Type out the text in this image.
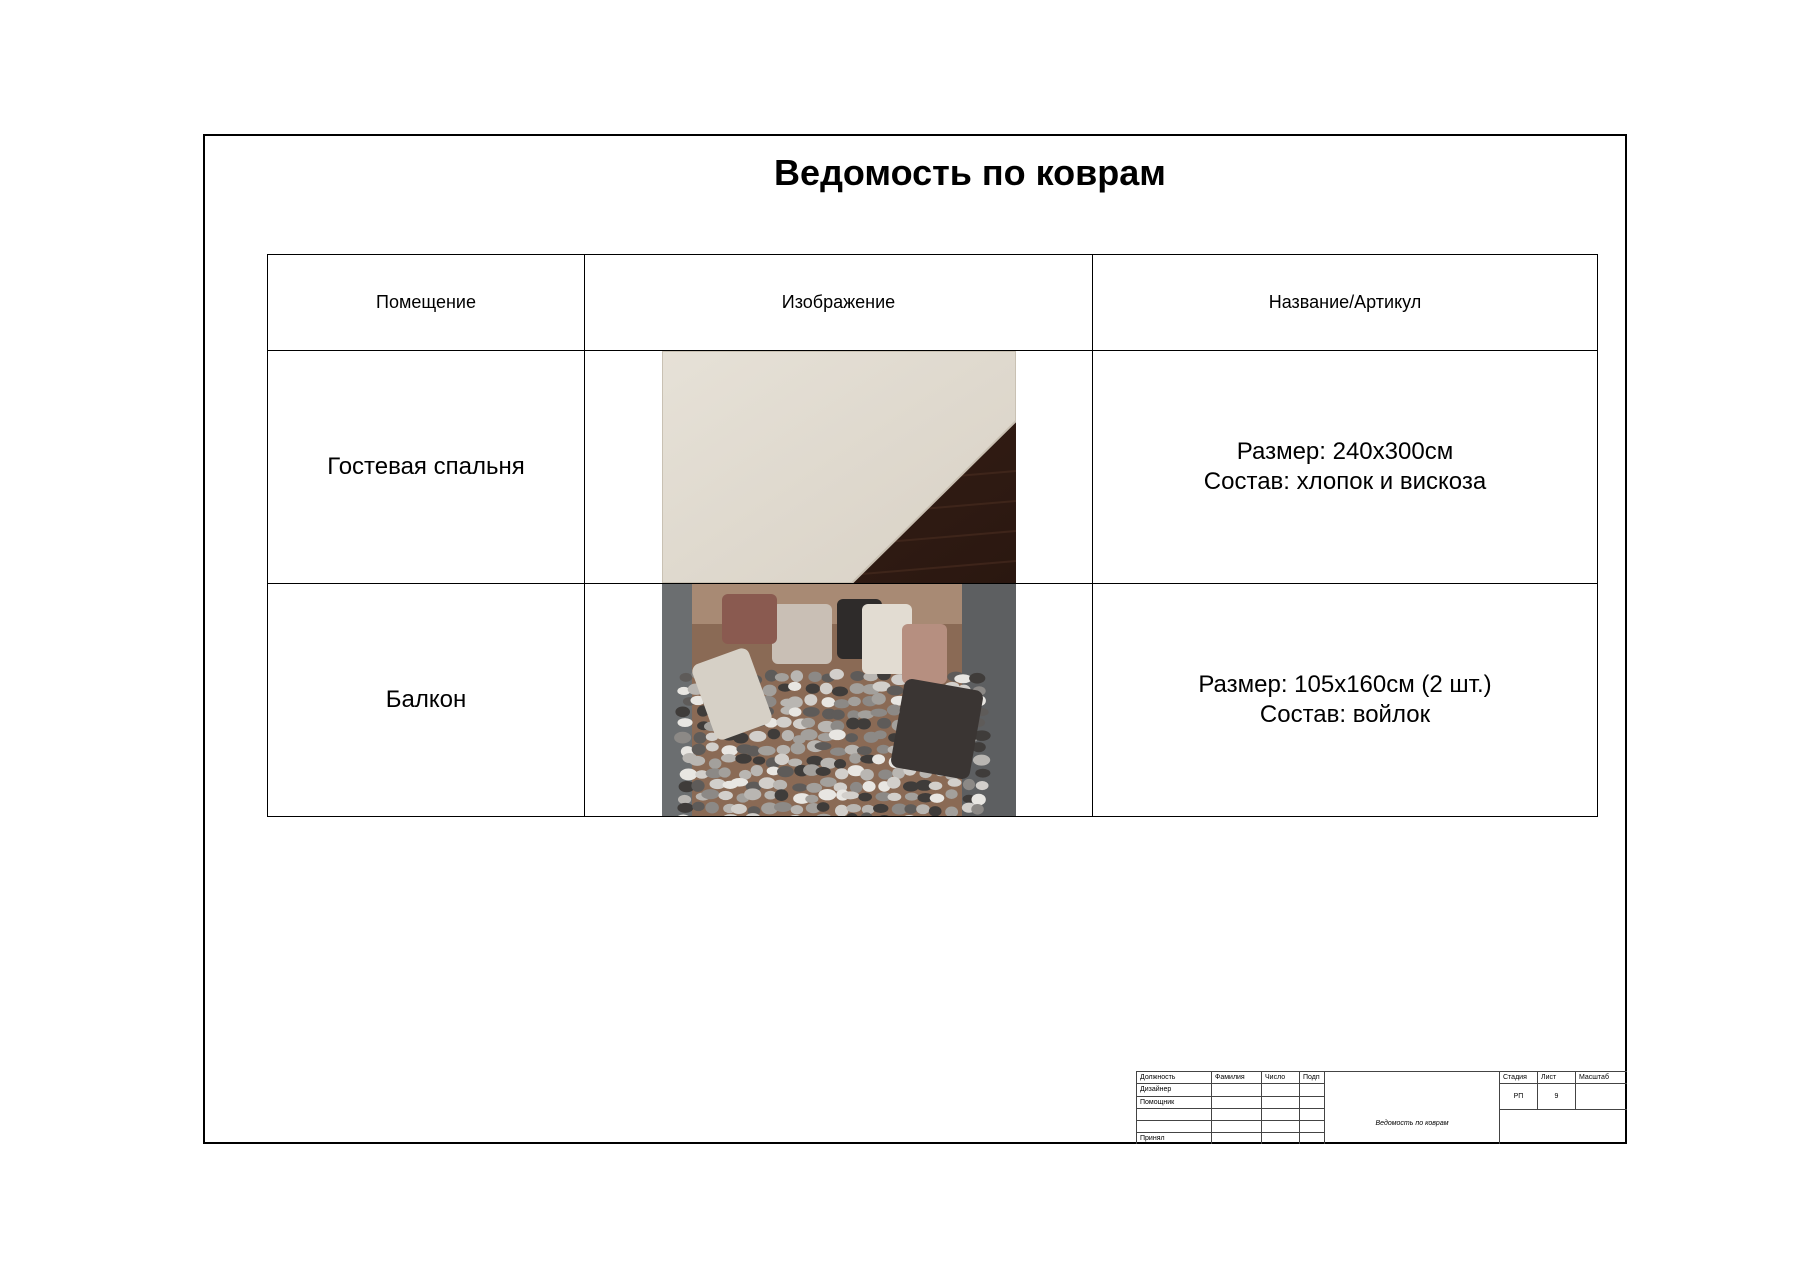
Ведомость по коврам
Помещение	Изображение	Название/Артикул
Гостевая спальня		Размер: 240х300см
Состав: хлопок и вискоза

Балкон		Размер: 105х160см (2 шт.)
Состав: войлок
Должность	Фамилия	Число	Подп
Дизайнер
Помощник
Принял
Ведомость по коврам
Стадия	Лист	Масштаб
РП	9
